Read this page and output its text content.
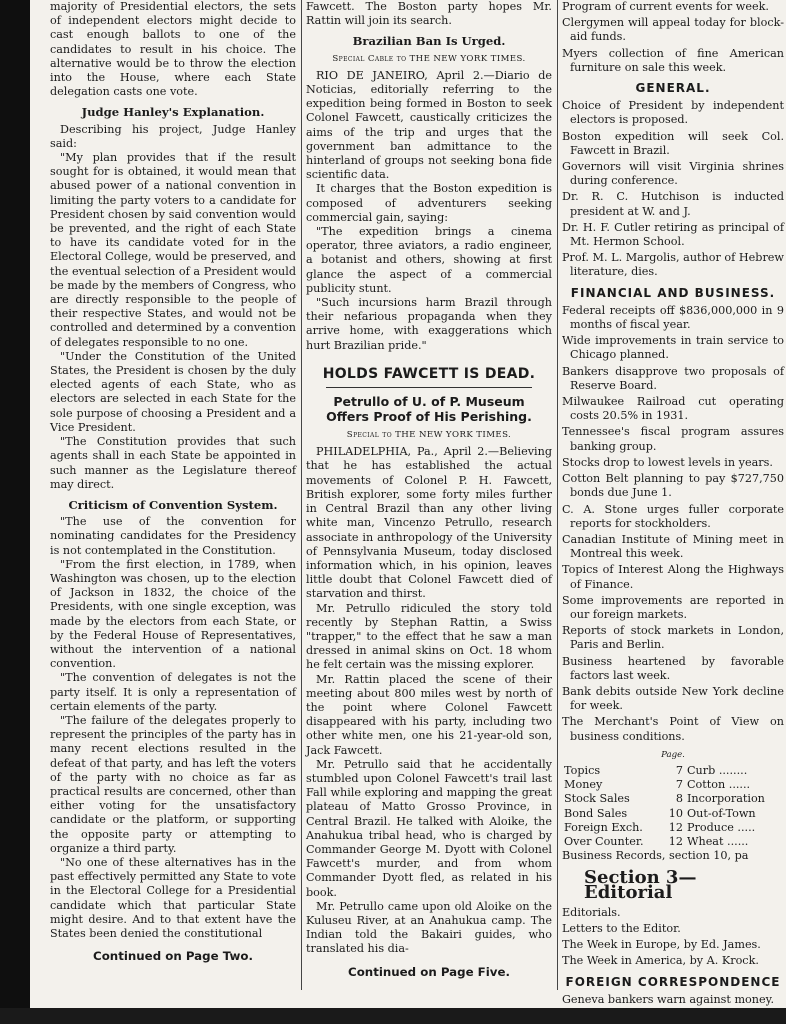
majority of Presidential electors, the sets of independent electors might decide to cast enough ballots to one of the candidates to result in his choice. The alternative would be to throw the election into the House, where each State delegation casts one vote.

Judge Hanley's Explanation.

Describing his project, Judge Hanley said:

"My plan provides that if the result sought for is obtained, it would mean that abused power of a national convention in limiting the party voters to a candidate for President chosen by said convention would be prevented, and the right of each State to have its candidate voted for in the Electoral College, would be preserved, and the eventual selection of a President would be made by the members of Congress, who are directly responsible to the people of their respective States, and would not be controlled and determined by a convention of delegates responsible to no one.

"Under the Constitution of the United States, the President is chosen by the duly elected agents of each State, who as electors are selected in each State for the sole purpose of choosing a President and a Vice President.

"The Constitution provides that such agents shall in each State be appointed in such manner as the Legislature thereof may direct.

Criticism of Convention System.

"The use of the convention for nominating candidates for the Presidency is not contemplated in the Constitution.

"From the first election, in 1789, when Washington was chosen, up to the election of Jackson in 1832, the choice of the Presidents, with one single exception, was made by the electors from each State, or by the Federal House of Representatives, without the intervention of a national convention.

"The convention of delegates is not the party itself. It is only a representation of certain elements of the party.

"The failure of the delegates properly to represent the principles of the party has in many recent elections resulted in the defeat of that party, and has left the voters of the party with no choice as far as practical results are concerned, other than either voting for the unsatisfactory candidate or the platform, or supporting the opposite party or attempting to organize a third party.

"No one of these alternatives has in the past effectively permitted any State to vote in the Electoral College for a Presidential candidate which that particular State might desire. And to that extent have the States been denied the constitutional

Continued on Page Two.

Fawcett. The Boston party hopes Mr. Rattin will join its search.

Brazilian Ban Is Urged.
Special Cable to THE NEW YORK TIMES.

RIO DE JANEIRO, April 2.—Diario de Noticias, editorially referring to the expedition being formed in Boston to seek Colonel Fawcett, caustically criticizes the aims of the trip and urges that the government ban admittance to the hinterland of groups not seeking bona fide scientific data.

It charges that the Boston expedition is composed of adventurers seeking commercial gain, saying:

"The expedition brings a cinema operator, three aviators, a radio engineer, a botanist and others, showing at first glance the aspect of a commercial publicity stunt.

"Such incursions harm Brazil through their nefarious propaganda when they arrive home, with exaggerations which hurt Brazilian pride."

HOLDS FAWCETT IS DEAD.
Petrullo of U. of P. Museum Offers Proof of His Perishing.
Special to THE NEW YORK TIMES.

PHILADELPHIA, Pa., April 2.—Believing that he has established the actual movements of Colonel P. H. Fawcett, British explorer, some forty miles further in Central Brazil than any other living white man, Vincenzo Petrullo, research associate in anthropology of the University of Pennsylvania Museum, today disclosed information which, in his opinion, leaves little doubt that Colonel Fawcett died of starvation and thirst.

Mr. Petrullo ridiculed the story told recently by Stephan Rattin, a Swiss "trapper," to the effect that he saw a man dressed in animal skins on Oct. 18 whom he felt certain was the missing explorer.

Mr. Rattin placed the scene of their meeting about 800 miles west by north of the point where Colonel Fawcett disappeared with his party, including two other white men, one his 21-year-old son, Jack Fawcett.

Mr. Petrullo said that he accidentally stumbled upon Colonel Fawcett's trail last Fall while exploring and mapping the great plateau of Matto Grosso Province, in Central Brazil. He talked with Aloike, the Anahukua tribal head, who is charged by Commander George M. Dyott with Colonel Fawcett's murder, and from whom Commander Dyott fled, as related in his book.

Mr. Petrullo came upon old Aloike on the Kuluseu River, at an Anahukua camp. The Indian told the Bakairi guides, who translated his dia-

Continued on Page Five.

Program of current events for week.

Clergymen will appeal today for block-aid funds.

Myers collection of fine American furniture on sale this week.

GENERAL.

Choice of President by independent electors is proposed.

Boston expedition will seek Col. Fawcett in Brazil.

Governors will visit Virginia shrines during conference.

Dr. R. C. Hutchison is inducted president at W. and J.

Dr. H. F. Cutler retiring as principal of Mt. Hermon School.

Prof. M. L. Margolis, author of Hebrew literature, dies.

FINANCIAL AND BUSINESS.

Federal receipts off $836,000,000 in 9 months of fiscal year.

Wide improvements in train service to Chicago planned.

Bankers disapprove two proposals of Reserve Board.

Milwaukee Railroad cut operating costs 20.5% in 1931.

Tennessee's fiscal program assures banking group.

Stocks drop to lowest levels in years.

Cotton Belt planning to pay $727,750 bonds due June 1.

C. A. Stone urges fuller corporate reports for stockholders.

Canadian Institute of Mining meet in Montreal this week.

Topics of Interest Along the Highways of Finance.

Some improvements are reported in our foreign markets.

Reports of stock markets in London, Paris and Berlin.

Business heartened by favorable factors last week.

Bank debits outside New York decline for week.

The Merchant's Point of View on business conditions.

Page.
Topics	7	Curb ........
Money	7	Cotton ......
Stock Sales	8	Incorporation
Bond Sales	10	Out-of-Town
Foreign Exch.	12	Produce .....
Over Counter.	12	Wheat ......

Business Records, section 10, pa

Section 3—Editorial

Editorials.

Letters to the Editor.

The Week in Europe, by Ed. James.

The Week in America, by A. Krock.

FOREIGN CORRESPONDENCE

Geneva bankers warn against money.
